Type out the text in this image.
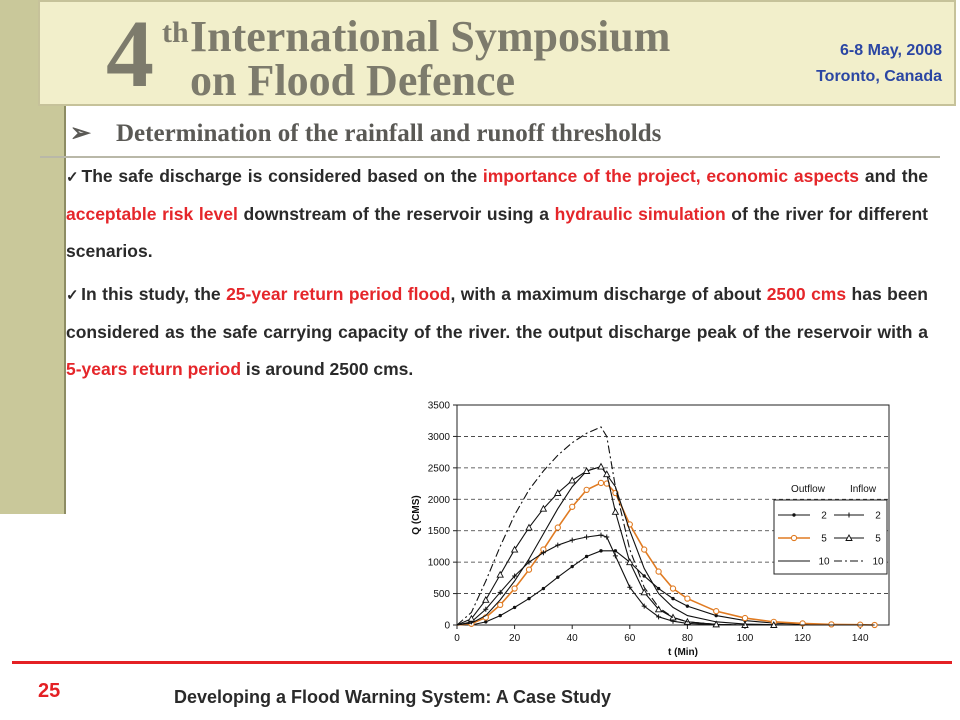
4 th International Symposium
on Flood Defence
6-8 May, 2008
Toronto, Canada
➢ Determination of the rainfall and runoff thresholds
✓ The safe discharge is considered based on the importance of the project, economic aspects and the acceptable risk level downstream of the reservoir using a hydraulic simulation of the river for different scenarios.
✓ In this study, the 25-year return period flood, with a maximum discharge of about 2500 cms has been considered as the safe carrying capacity of the river. the output discharge peak of the reservoir with a 5-years return period is around 2500 cms.
0
500
1000
1500
2000
2500
3000
3500
0	20	40	60	80	100	120	140
t (Min)
Q (CMS)
Outflow Inflow
2
5
10
2
5
10
25	Developing a Flood Warning System: A Case Study
